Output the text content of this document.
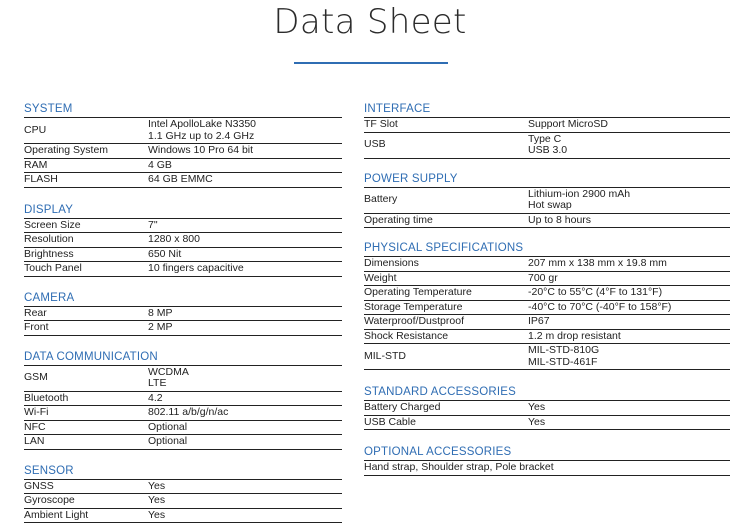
Data Sheet
SYSTEM
CPU	Intel ApolloLake N3350
1.1 GHz up to 2.4 GHz
Operating System	Windows 10 Pro 64 bit
RAM	4 GB
FLASH	64 GB EMMC
DISPLAY
Screen Size	7"
Resolution	1280 x 800
Brightness	650 Nit
Touch Panel	10 fingers capacitive
CAMERA
Rear	8 MP
Front	2 MP
DATA COMMUNICATION
GSM	WCDMA
LTE
Bluetooth	4.2
Wi-Fi	802.11 a/b/g/n/ac
NFC	Optional
LAN	Optional
SENSOR
GNSS	Yes
Gyroscope	Yes
Ambient Light	Yes
INTERFACE
TF Slot	Support MicroSD
USB	Type C
USB 3.0
POWER SUPPLY
Battery	Lithium-ion 2900 mAh
Hot swap
Operating time	Up to 8 hours
PHYSICAL SPECIFICATIONS
Dimensions	207 mm x 138 mm x 19.8 mm
Weight	700 gr
Operating Temperature	-20°C to 55°C (4°F to 131°F)
Storage Temperature	-40°C to 70°C (-40°F to 158°F)
Waterproof/Dustproof	IP67
Shock Resistance	1.2 m drop resistant
MIL-STD	MIL-STD-810G
MIL-STD-461F
STANDARD ACCESSORIES
Battery Charged	Yes
USB Cable	Yes
OPTIONAL ACCESSORIES
Hand strap, Shoulder strap, Pole bracket
